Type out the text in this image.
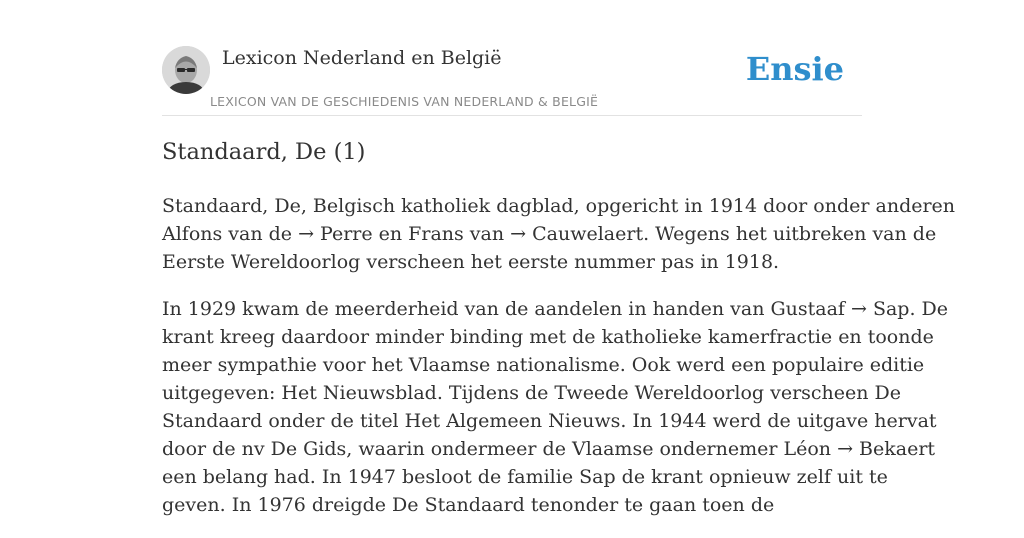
Lexicon Nederland en België
LEXICON VAN DE GESCHIEDENIS VAN NEDERLAND & BELGIË
Ensie
Standaard, De (1)

Standaard, De, Belgisch katholiek dagblad, opgericht in 1914 door onder anderen
Alfons van de → Perre en Frans van → Cauwelaert. Wegens het uitbreken van de
Eerste Wereldoorlog verscheen het eerste nummer pas in 1918.

In 1929 kwam de meerderheid van de aandelen in handen van Gustaaf → Sap. De
krant kreeg daardoor minder binding met de katholieke kamerfractie en toonde
meer sympathie voor het Vlaamse nationalisme. Ook werd een populaire editie
uitgegeven: Het Nieuwsblad. Tijdens de Tweede Wereldoorlog verscheen De
Standaard onder de titel Het Algemeen Nieuws. In 1944 werd de uitgave hervat
door de nv De Gids, waarin ondermeer de Vlaamse ondernemer Léon → Bekaert
een belang had. In 1947 besloot de familie Sap de krant opnieuw zelf uit te
geven. In 1976 dreigde De Standaard tenonder te gaan toen de
